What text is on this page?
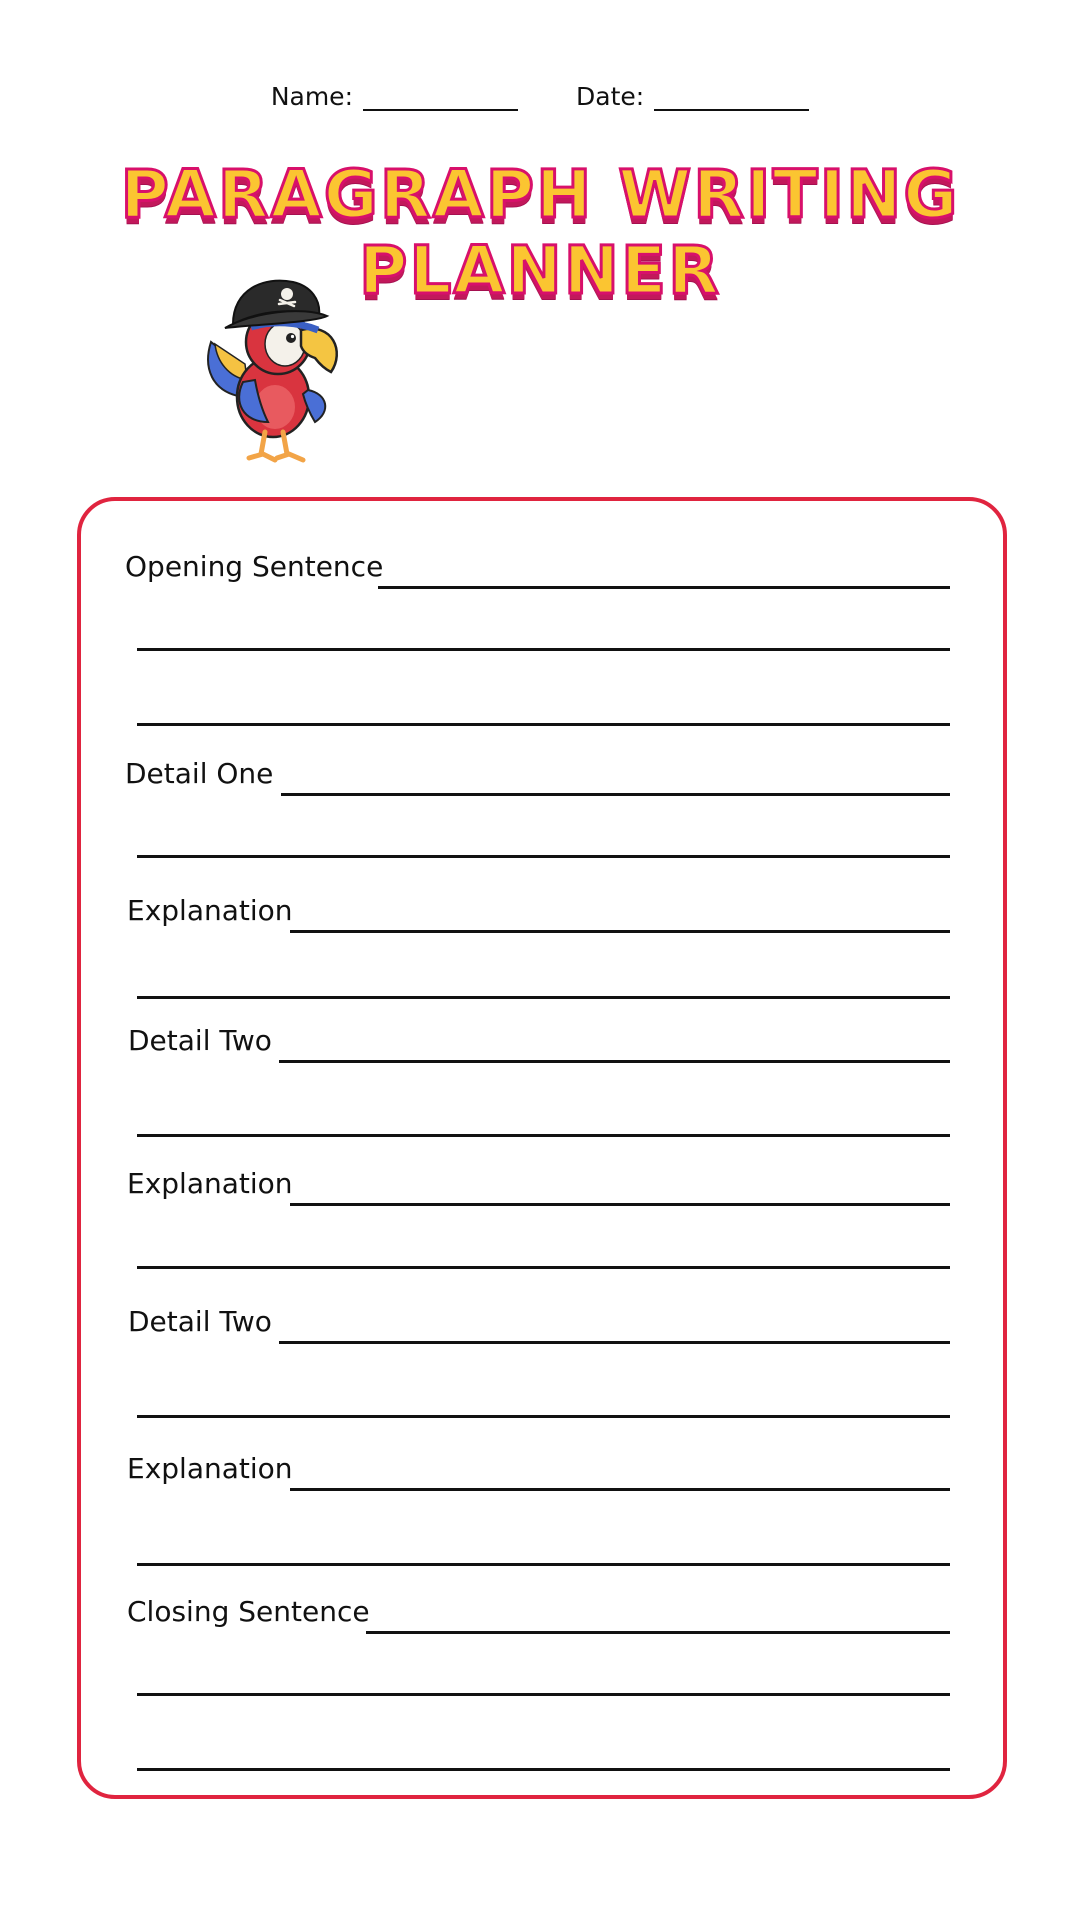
Name:	Date:
PARAGRAPH WRITING
PLANNER
Opening Sentence
Detail One
Explanation
Detail Two
Explanation
Detail Two
Explanation
Closing Sentence
